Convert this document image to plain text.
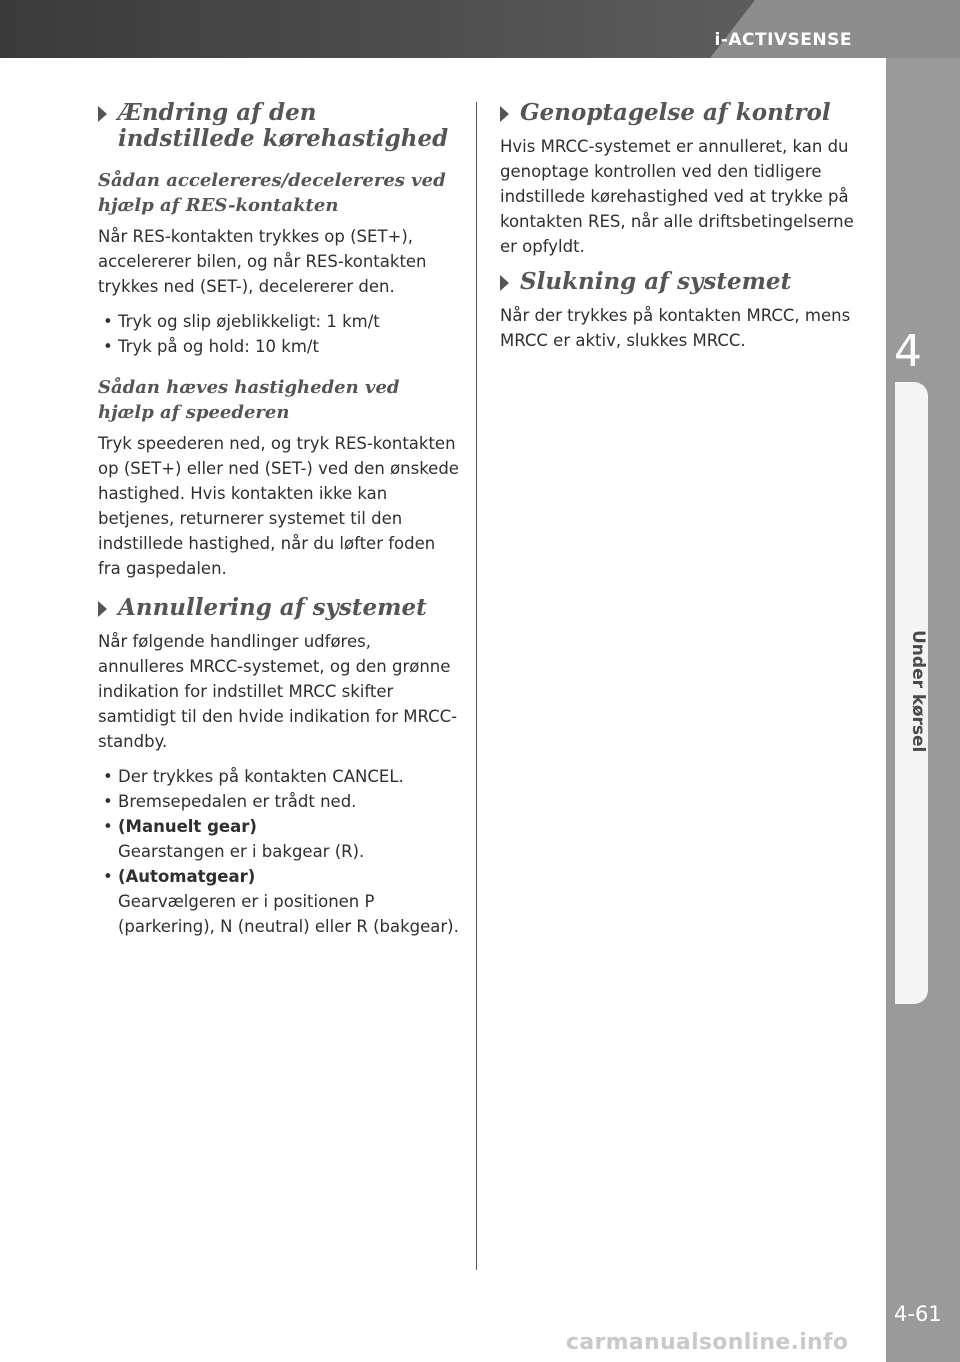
i-ACTIVSENSE
4
Under kørsel
Ændring af den indstillede kørehastighed
Sådan accelereres/decelereres ved hjælp af RES-kontakten

Når RES-kontakten trykkes op (SET+), accelererer bilen, og når RES-kontakten trykkes ned (SET-), decelererer den.

• Tryk og slip øjeblikkeligt: 1 km/t
• Tryk på og hold: 10 km/t
Sådan hæves hastigheden ved hjælp af speederen

Tryk speederen ned, og tryk RES-kontakten op (SET+) eller ned (SET-) ved den ønskede hastighed. Hvis kontakten ikke kan betjenes, returnerer systemet til den indstillede hastighed, når du løfter foden fra gaspedalen.

Annullering af systemet

Når følgende handlinger udføres, annulleres MRCC-systemet, og den grønne indikation for indstillet MRCC skifter samtidigt til den hvide indikation for MRCC-standby.

• Der trykkes på kontakten CANCEL.
• Bremsepedalen er trådt ned.
• (Manuelt gear)
Gearstangen er i bakgear (R).
• (Automatgear)
Gearvælgeren er i positionen P (parkering), N (neutral) eller R (bakgear).
Genoptagelse af kontrol

Hvis MRCC-systemet er annulleret, kan du genoptage kontrollen ved den tidligere indstillede kørehastighed ved at trykke på kontakten RES, når alle driftsbetingelserne er opfyldt.

Slukning af systemet

Når der trykkes på kontakten MRCC, mens MRCC er aktiv, slukkes MRCC.

4-61
carmanualsonline.info
